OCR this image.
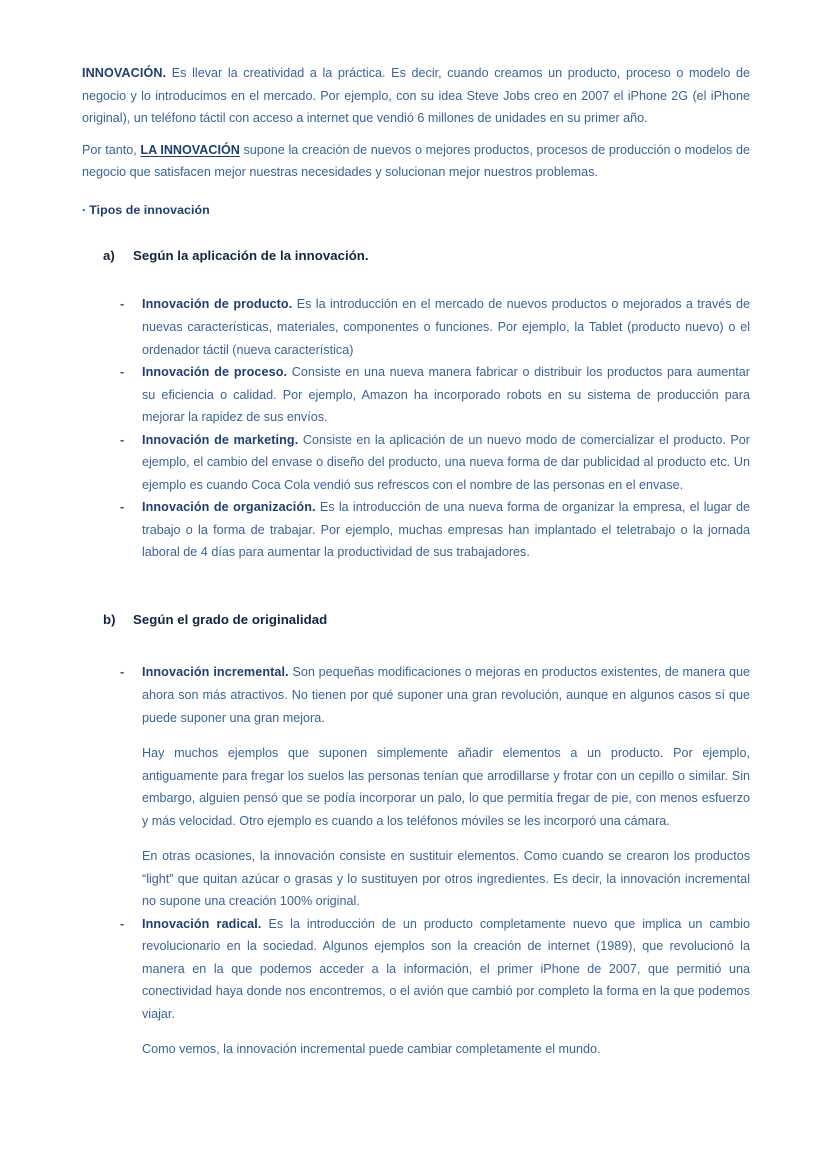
INNOVACIÓN. Es llevar la creatividad a la práctica. Es decir, cuando creamos un producto, proceso o modelo de negocio y lo introducimos en el mercado. Por ejemplo, con su idea Steve Jobs creo en 2007 el iPhone 2G (el iPhone original), un teléfono táctil con acceso a internet que vendió 6 millones de unidades en su primer año.

Por tanto, LA INNOVACIÓN supone la creación de nuevos o mejores productos, procesos de producción o modelos de negocio que satisfacen mejor nuestras necesidades y solucionan mejor nuestros problemas.

· Tipos de innovación

a)	Según la aplicación de la innovación.
-	Innovación de producto. Es la introducción en el mercado de nuevos productos o mejorados a través de nuevas características, materiales, componentes o funciones. Por ejemplo, la Tablet (producto nuevo) o el ordenador táctil (nueva característica)
-	Innovación de proceso. Consiste en una nueva manera fabricar o distribuir los productos para aumentar su eficiencia o calidad. Por ejemplo, Amazon ha incorporado robots en su sistema de producción para mejorar la rapidez de sus envíos.
-	Innovación de marketing. Consiste en la aplicación de un nuevo modo de comercializar el producto. Por ejemplo, el cambio del envase o diseño del producto, una nueva forma de dar publicidad al producto etc. Un ejemplo es cuando Coca Cola vendió sus refrescos con el nombre de las personas en el envase.
-	Innovación de organización. Es la introducción de una nueva forma de organizar la empresa, el lugar de trabajo o la forma de trabajar. Por ejemplo, muchas empresas han implantado el teletrabajo o la jornada laboral de 4 días para aumentar la productividad de sus trabajadores.
b)	Según el grado de originalidad
-	Innovación incremental. Son pequeñas modificaciones o mejoras en productos existentes, de manera que ahora son más atractivos. No tienen por qué suponer una gran revolución, aunque en algunos casos sí que puede suponer una gran mejora.

Hay muchos ejemplos que suponen simplemente añadir elementos a un producto. Por ejemplo, antiguamente para fregar los suelos las personas tenían que arrodillarse y frotar con un cepillo o similar. Sin embargo, alguien pensó que se podía incorporar un palo, lo que permitía fregar de pie, con menos esfuerzo y más velocidad. Otro ejemplo es cuando a los teléfonos móviles se les incorporó una cámara.

En otras ocasiones, la innovación consiste en sustituir elementos. Como cuando se crearon los productos “light” que quitan azúcar o grasas y lo sustituyen por otros ingredientes. Es decir, la innovación incremental no supone una creación 100% original.

-	Innovación radical. Es la introducción de un producto completamente nuevo que implica un cambio revolucionario en la sociedad. Algunos ejemplos son la creación de internet (1989), que revolucionó la manera en la que podemos acceder a la información, el primer iPhone de 2007, que permitió una conectividad haya donde nos encontremos, o el avión que cambió por completo la forma en la que podemos viajar.

Como vemos, la innovación incremental puede cambiar completamente el mundo.
